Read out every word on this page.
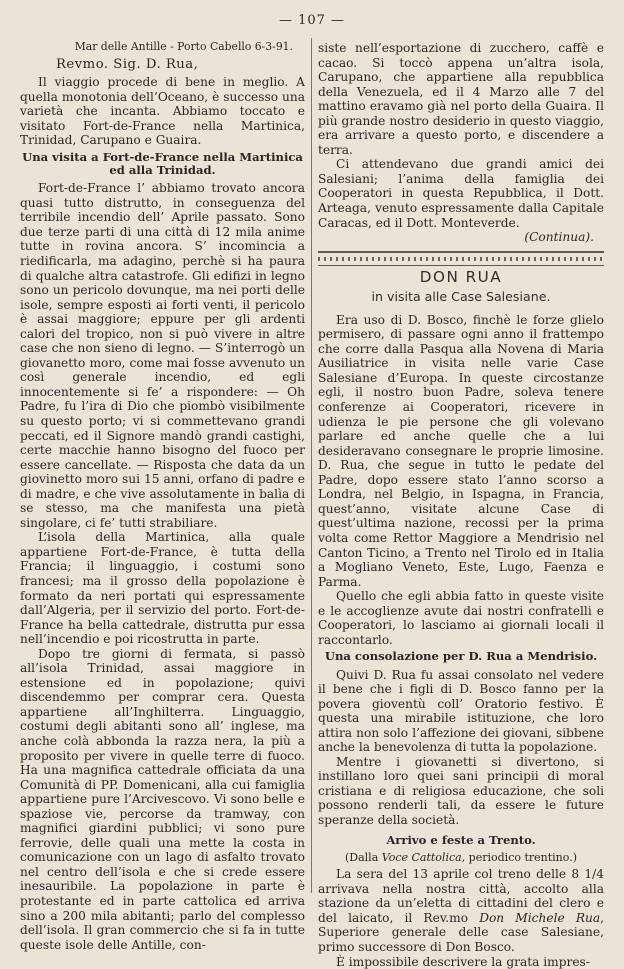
— 107 —

Mar delle Antille - Porto Cabello 6-3-91.

Revmo. Sig. D. Rua,

Il viaggio procede di bene in meglio. A quella monotonia dell’Oceano, è successo una varietà che incanta. Abbiamo toccato e visitato Fort-de-France nella Martinica, Trinidad, Carupano e Guaira.

Una visita a Fort-de-France nella Martinica ed alla Trinidad.

Fort-de-France l’ abbiamo trovato ancora quasi tutto distrutto, in conseguenza del terribile incendio dell’ Aprile passato. Sono due terze parti di una città di 12 mila anime tutte in rovina ancora. S’ incomincia a riedificarla, ma adagino, perchè si ha paura di qualche altra catastrofe. Gli edifizi in legno sono un pericolo dovunque, ma nei porti delle isole, sempre esposti ai forti venti, il pericolo è assai maggiore; eppure per gli ardenti calori del tropico, non si può vivere in altre case che non sieno di legno. — S’interrogò un giovanetto moro, come mai fosse avvenuto un così generale incendio, ed egli innocentemente si fe’ a rispondere: — Oh Padre, fu l’ira di Dio che piombò visibilmente su questo porto; vi si commettevano grandi peccati, ed il Signore mandò grandi castighi, certe macchie hanno bisogno del fuoco per essere cancellate. — Risposta che data da un giovinetto moro sui 15 anni, orfano di padre e di madre, e che vive assolutamente in balìa di se stesso, ma che manifesta una pietà singolare, ci fe’ tutti strabiliare.

L’isola della Martinica, alla quale appartiene Fort-de-France, è tutta della Francia; il linguaggio, i costumi sono francesi; ma il grosso della popolazione è formato da neri portati qui espressamente dall’Algeria, per il servizio del porto. Fort-de-France ha bella cattedrale, distrutta pur essa nell’incendio e poi ricostrutta in parte.

Dopo tre giorni di fermata, si passò all’isola Trinidad, assai maggiore in estensione ed in popolazione; quivi discendemmo per comprar cera. Questa appartiene all’Inghilterra. Linguaggio, costumi degli abitanti sono all’ inglese, ma anche colà abbonda la razza nera, la più a proposito per vivere in quelle terre di fuoco. Ha una magnifica cattedrale officiata da una Comunità di PP. Domenicani, alla cui famiglia appartiene pure l’Arcivescovo. Vi sono belle e spaziose vie, percorse da tramway, con magnifici giardini pubblici; vi sono pure ferrovie, delle quali una mette la costa in comunicazione con un lago di asfalto trovato nel centro dell’isola e che si crede essere inesauribile. La popolazione in parte è protestante ed in parte cattolica ed arriva sino a 200 mila abitanti; parlo del complesso dell’isola. Il gran commercio che si fa in tutte queste isole delle Antille, con-

siste nell’esportazione di zucchero, caffè e cacao. Si toccò appena un’altra isola, Carupano, che appartiene alla repubblica della Venezuela, ed il 4 Marzo alle 7 del mattino eravamo già nel porto della Guaira. Il più grande nostro desiderio in questo viaggio, era arrivare a questo porto, e discendere a terra.

Ci attendevano due grandi amici dei Salesiani; l’anima della famiglia dei Cooperatori in questa Repubblica, il Dott. Arteaga, venuto espressamente dalla Capitale Caracas, ed il Dott. Monteverde.

(Continua).

DON RUA

in visita alle Case Salesiane.

Era uso di D. Bosco, finchè le forze glielo permisero, di passare ogni anno il frattempo che corre dalla Pasqua alla Novena di Maria Ausiliatrice in visita nelle varie Case Salesiane d’Europa. In queste circostanze egli, il nostro buon Padre, soleva tenere conferenze ai Cooperatori, ricevere in udienza le pie persone che gli volevano parlare ed anche quelle che a lui desideravano consegnare le proprie limosine. D. Rua, che segue in tutto le pedate del Padre, dopo essere stato l’anno scorso a Londra, nel Belgio, in Ispagna, in Francia, quest’anno, visitate alcune Case di quest’ultima nazione, recossi per la prima volta come Rettor Maggiore a Mendrisio nel Canton Ticino, a Trento nel Tirolo ed in Italia a Mogliano Veneto, Este, Lugo, Faenza e Parma.

Quello che egli abbia fatto in queste visite e le accoglienze avute dai nostri confratelli e Cooperatori, lo lasciamo ai giornali locali il raccontarlo.

Una consolazione per D. Rua a Mendrisio.

Quivi D. Rua fu assai consolato nel vedere il bene che i figli di D. Bosco fanno per la povera gioventù coll’ Oratorio festivo. È questa una mirabile istituzione, che loro attira non solo l’affezione dei giovani, sibbene anche la benevolenza di tutta la popolazione.

Mentre i giovanetti si divertono, si instillano loro quei sani principii di moral cristiana e di religiosa educazione, che soli possono renderli tali, da essere le future speranze della società.

Arrivo e feste a Trento.

(Dalla Voce Cattolica, periodico trentino.)

La sera del 13 aprile col treno delle 8 1/4 arrivava nella nostra città, accolto alla stazione da un’eletta di cittadini del clero e del laicato, il Rev.mo Don Michele Rua, Superiore generale delle case Salesiane, primo successore di Don Bosco.

È impossibile descrivere la grata impres-
